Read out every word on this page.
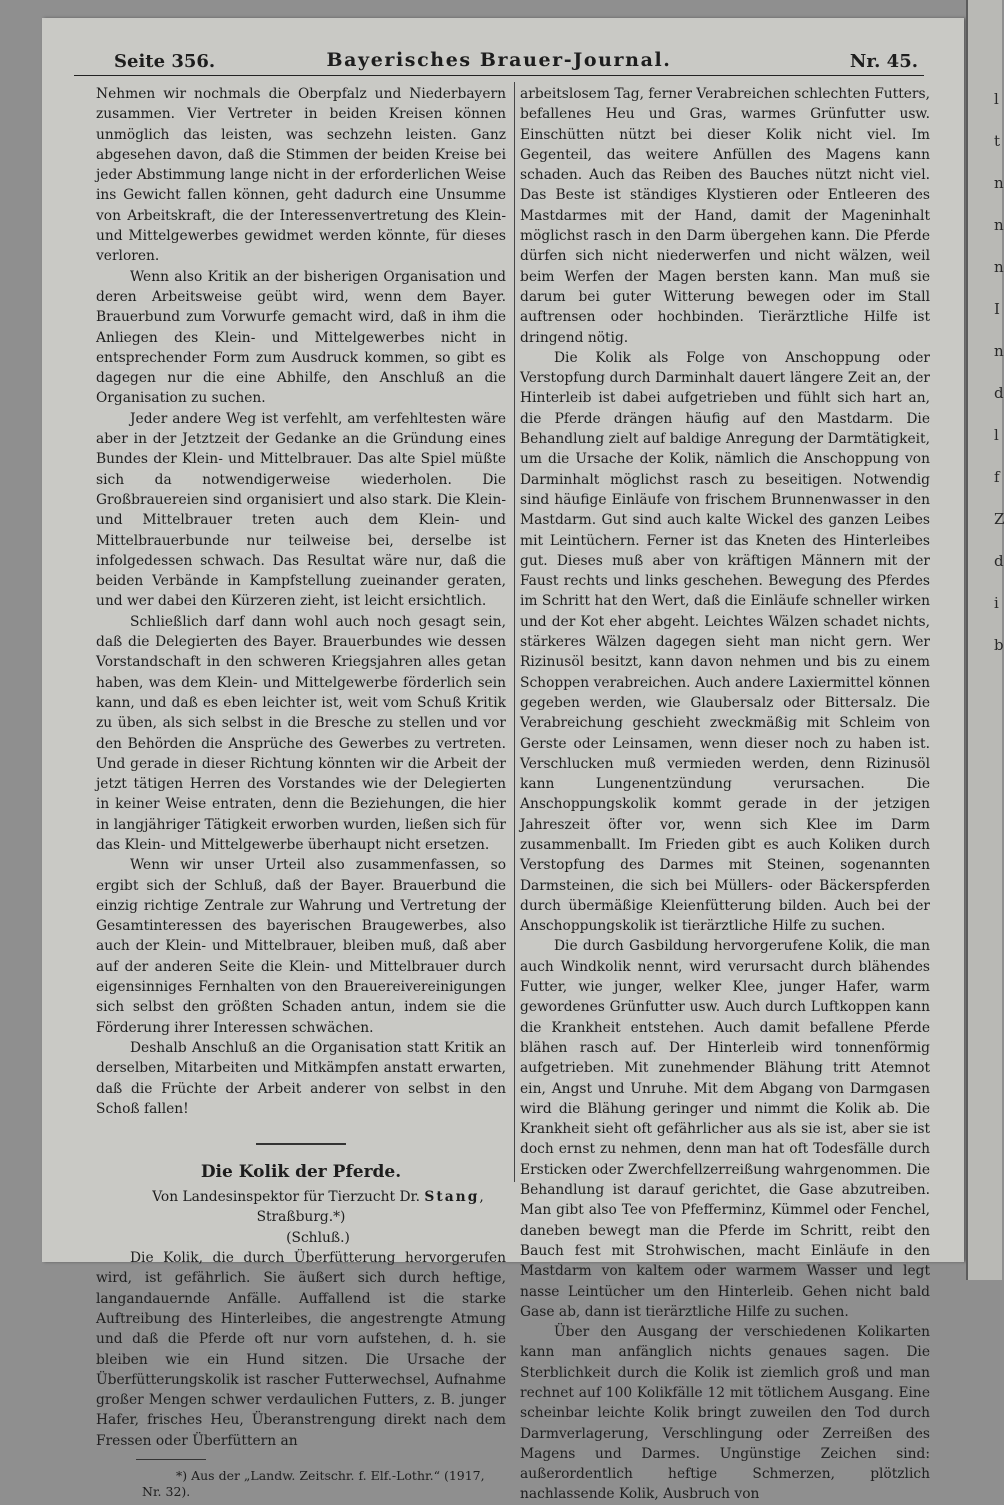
l
t
n
n
n
I
n
d
l
f
Z
d
i
b
Seite 356.	Bayerisches Brauer-Journal.	Nr. 45.

Nehmen wir nochmals die Oberpfalz und Niederbayern zusammen. Vier Vertreter in beiden Kreisen können unmöglich das leisten, was sechzehn leisten. Ganz abgesehen davon, daß die Stimmen der beiden Kreise bei jeder Abstimmung lange nicht in der erforderlichen Weise ins Gewicht fallen können, geht dadurch eine Unsumme von Arbeitskraft, die der Interessenvertretung des Klein- und Mittelgewerbes gewidmet werden könnte, für dieses verloren.

Wenn also Kritik an der bisherigen Organisation und deren Arbeitsweise geübt wird, wenn dem Bayer. Brauerbund zum Vorwurfe gemacht wird, daß in ihm die Anliegen des Klein- und Mittelgewerbes nicht in entsprechender Form zum Ausdruck kommen, so gibt es dagegen nur die eine Abhilfe, den Anschluß an die Organisation zu suchen.

Jeder andere Weg ist verfehlt, am verfehltesten wäre aber in der Jetztzeit der Gedanke an die Gründung eines Bundes der Klein- und Mittelbrauer. Das alte Spiel müßte sich da notwendigerweise wiederholen. Die Großbrauereien sind organisiert und also stark. Die Klein- und Mittelbrauer treten auch dem Klein- und Mittelbrauerbunde nur teilweise bei, derselbe ist infolgedessen schwach. Das Resultat wäre nur, daß die beiden Verbände in Kampfstellung zueinander geraten, und wer dabei den Kürzeren zieht, ist leicht ersichtlich.

Schließlich darf dann wohl auch noch gesagt sein, daß die Delegierten des Bayer. Brauerbundes wie dessen Vorstandschaft in den schweren Kriegsjahren alles getan haben, was dem Klein- und Mittelgewerbe förderlich sein kann, und daß es eben leichter ist, weit vom Schuß Kritik zu üben, als sich selbst in die Bresche zu stellen und vor den Behörden die Ansprüche des Gewerbes zu vertreten. Und gerade in dieser Richtung könnten wir die Arbeit der jetzt tätigen Herren des Vorstandes wie der Delegierten in keiner Weise entraten, denn die Beziehungen, die hier in langjähriger Tätigkeit erworben wurden, ließen sich für das Klein- und Mittelgewerbe überhaupt nicht ersetzen.

Wenn wir unser Urteil also zusammenfassen, so ergibt sich der Schluß, daß der Bayer. Brauerbund die einzig richtige Zentrale zur Wahrung und Vertretung der Gesamtinteressen des bayerischen Braugewerbes, also auch der Klein- und Mittelbrauer, bleiben muß, daß aber auf der anderen Seite die Klein- und Mittelbrauer durch eigensinniges Fernhalten von den Brauereivereinigungen sich selbst den größten Schaden antun, indem sie die Förderung ihrer Interessen schwächen.

Deshalb Anschluß an die Organisation statt Kritik an derselben, Mitarbeiten und Mitkämpfen anstatt erwarten, daß die Früchte der Arbeit anderer von selbst in den Schoß fallen!

Die Kolik der Pferde.

Von Landesinspektor für Tierzucht Dr. Stang, Straßburg.*)

(Schluß.)

Die Kolik, die durch Überfütterung hervorgerufen wird, ist gefährlich. Sie äußert sich durch heftige, langandauernde Anfälle. Auffallend ist die starke Auftreibung des Hinterleibes, die angestrengte Atmung und daß die Pferde oft nur vorn aufstehen, d. h. sie bleiben wie ein Hund sitzen. Die Ursache der Überfütterungskolik ist rascher Futterwechsel, Aufnahme großer Mengen schwer verdaulichen Futters, z. B. junger Hafer, frisches Heu, Überanstrengung direkt nach dem Fressen oder Überfüttern an

*) Aus der „Landw. Zeitschr. f. Elf.-Lothr.“ (1917, Nr. 32).

arbeitslosem Tag, ferner Verabreichen schlechten Futters, befallenes Heu und Gras, warmes Grünfutter usw. Einschütten nützt bei dieser Kolik nicht viel. Im Gegenteil, das weitere Anfüllen des Magens kann schaden. Auch das Reiben des Bauches nützt nicht viel. Das Beste ist ständiges Klystieren oder Entleeren des Mastdarmes mit der Hand, damit der Mageninhalt möglichst rasch in den Darm übergehen kann. Die Pferde dürfen sich nicht niederwerfen und nicht wälzen, weil beim Werfen der Magen bersten kann. Man muß sie darum bei guter Witterung bewegen oder im Stall auftrensen oder hochbinden. Tierärztliche Hilfe ist dringend nötig.

Die Kolik als Folge von Anschoppung oder Verstopfung durch Darminhalt dauert längere Zeit an, der Hinterleib ist dabei aufgetrieben und fühlt sich hart an, die Pferde drängen häufig auf den Mastdarm. Die Behandlung zielt auf baldige Anregung der Darmtätigkeit, um die Ursache der Kolik, nämlich die Anschoppung von Darminhalt möglichst rasch zu beseitigen. Notwendig sind häufige Einläufe von frischem Brunnenwasser in den Mastdarm. Gut sind auch kalte Wickel des ganzen Leibes mit Leintüchern. Ferner ist das Kneten des Hinterleibes gut. Dieses muß aber von kräftigen Männern mit der Faust rechts und links geschehen. Bewegung des Pferdes im Schritt hat den Wert, daß die Einläufe schneller wirken und der Kot eher abgeht. Leichtes Wälzen schadet nichts, stärkeres Wälzen dagegen sieht man nicht gern. Wer Rizinusöl besitzt, kann davon nehmen und bis zu einem Schoppen verabreichen. Auch andere Laxiermittel können gegeben werden, wie Glaubersalz oder Bittersalz. Die Verabreichung geschieht zweckmäßig mit Schleim von Gerste oder Leinsamen, wenn dieser noch zu haben ist. Verschlucken muß vermieden werden, denn Rizinusöl kann Lungenentzündung verursachen. Die Anschoppungskolik kommt gerade in der jetzigen Jahreszeit öfter vor, wenn sich Klee im Darm zusammenballt. Im Frieden gibt es auch Koliken durch Verstopfung des Darmes mit Steinen, sogenannten Darmsteinen, die sich bei Müllers- oder Bäckerspferden durch übermäßige Kleienfütterung bilden. Auch bei der Anschoppungskolik ist tierärztliche Hilfe zu suchen.

Die durch Gasbildung hervorgerufene Kolik, die man auch Windkolik nennt, wird verursacht durch blähendes Futter, wie junger, welker Klee, junger Hafer, warm gewordenes Grünfutter usw. Auch durch Luftkoppen kann die Krankheit entstehen. Auch damit befallene Pferde blähen rasch auf. Der Hinterleib wird tonnenförmig aufgetrieben. Mit zunehmender Blähung tritt Atemnot ein, Angst und Unruhe. Mit dem Abgang von Darmgasen wird die Blähung geringer und nimmt die Kolik ab. Die Krankheit sieht oft gefährlicher aus als sie ist, aber sie ist doch ernst zu nehmen, denn man hat oft Todesfälle durch Ersticken oder Zwerchfellzerreißung wahrgenommen. Die Behandlung ist darauf gerichtet, die Gase abzutreiben. Man gibt also Tee von Pfefferminz, Kümmel oder Fenchel, daneben bewegt man die Pferde im Schritt, reibt den Bauch fest mit Strohwischen, macht Einläufe in den Mastdarm von kaltem oder warmem Wasser und legt nasse Leintücher um den Hinterleib. Gehen nicht bald Gase ab, dann ist tierärztliche Hilfe zu suchen.

Über den Ausgang der verschiedenen Kolikarten kann man anfänglich nichts genaues sagen. Die Sterblichkeit durch die Kolik ist ziemlich groß und man rechnet auf 100 Kolikfälle 12 mit tötlichem Ausgang. Eine scheinbar leichte Kolik bringt zuweilen den Tod durch Darmverlagerung, Verschlingung oder Zerreißen des Magens und Darmes. Ungünstige Zeichen sind: außerordentlich heftige Schmerzen, plötzlich nachlassende Kolik, Ausbruch von
